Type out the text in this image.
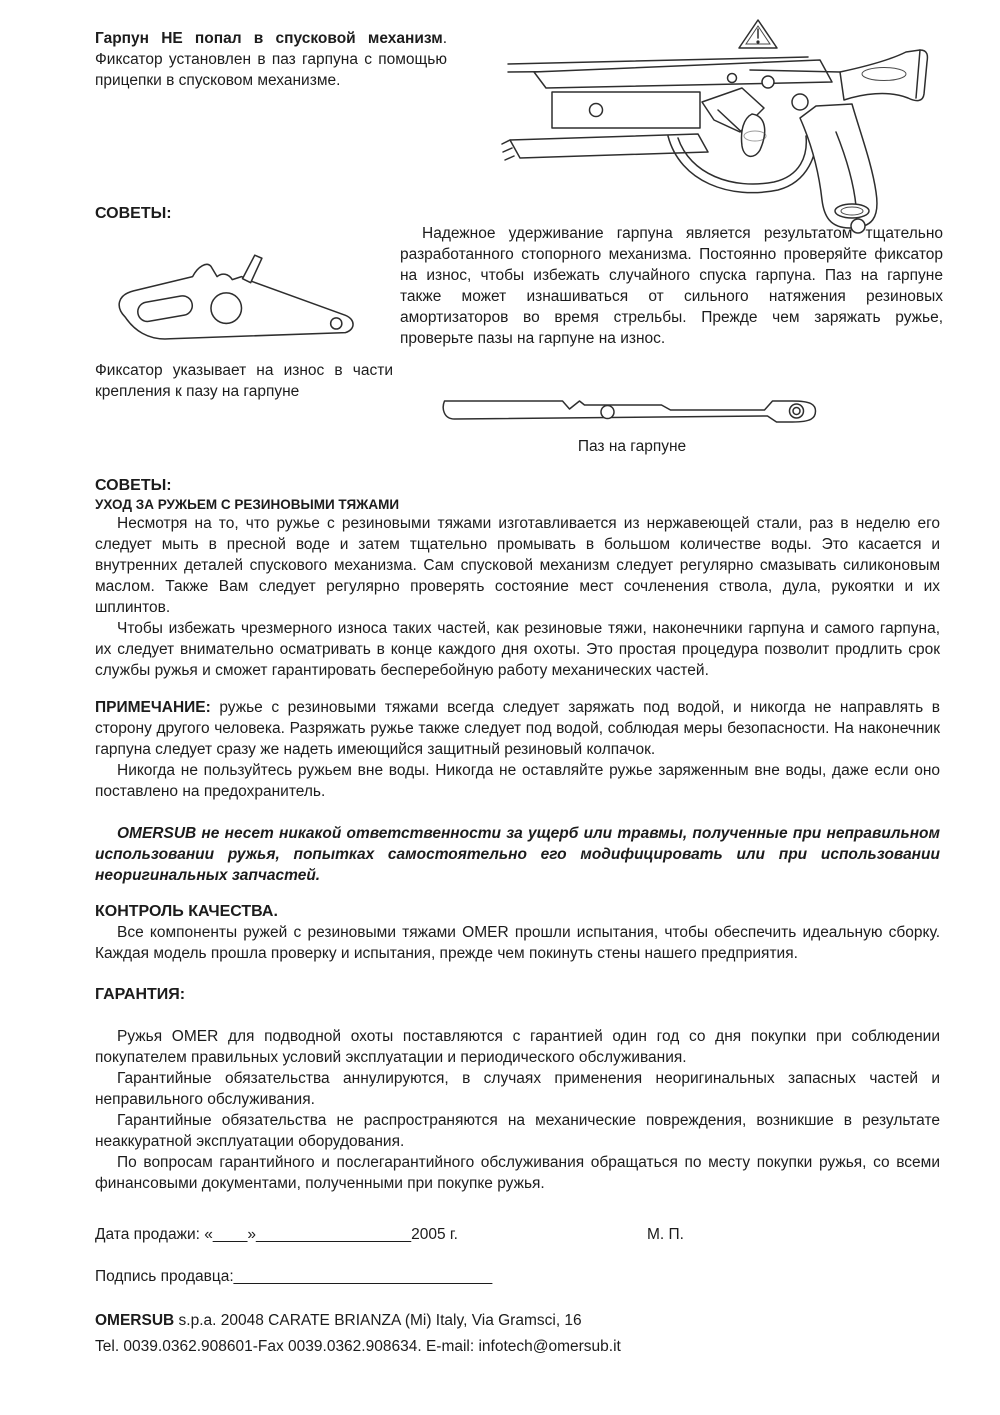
Гарпун НЕ попал в спусковой механизм. Фиксатор установлен в паз гарпуна с помощью прицепки в спусковом механизме.

СОВЕТЫ:

Фиксатор указывает на износ в части крепления к пазу на гарпуне

Надежное удерживание гарпуна является результатом тщательно разработанного стопорного механизма. Постоянно проверяйте фиксатор на износ, чтобы избежать случайного спуска гарпуна. Паз на гарпуне также может изнашиваться от сильного натяжения резиновых амортизаторов во время стрельбы. Прежде чем заряжать ружье, проверьте пазы на гарпуне на износ.

Паз на гарпуне

СОВЕТЫ:
УХОД ЗА РУЖЬЕМ С РЕЗИНОВЫМИ ТЯЖАМИ

Несмотря на то, что ружье с резиновыми тяжами изготавливается из нержавеющей стали, раз в неделю его следует мыть в пресной воде и затем тщательно промывать в большом количестве воды. Это касается и внутренних деталей спускового механизма. Сам спусковой механизм следует регулярно смазывать силиконовым маслом. Также Вам следует регулярно проверять состояние мест сочленения ствола, дула, рукоятки и их шплинтов.

Чтобы избежать чрезмерного износа таких частей, как резиновые тяжи, наконечники гарпуна и самого гарпуна, их следует внимательно осматривать в конце каждого дня охоты. Это простая процедура позволит продлить срок службы ружья и сможет гарантировать бесперебойную работу механических частей.

ПРИМЕЧАНИЕ: ружье с резиновыми тяжами всегда следует заряжать под водой, и никогда не направлять в сторону другого человека. Разряжать ружье также следует под водой, соблюдая меры безопасности. На наконечник гарпуна следует сразу же надеть имеющийся защитный резиновый колпачок.

Никогда не пользуйтесь ружьем вне воды. Никогда не оставляйте ружье заряженным вне воды, даже если оно поставлено на предохранитель.

OMERSUB не несет никакой ответственности за ущерб или травмы, полученные при неправильном использовании ружья, попытках самостоятельно его модифицировать или при использовании неоригинальных запчастей.

КОНТРОЛЬ КАЧЕСТВА.

Все компоненты ружей с резиновыми тяжами OMER прошли испытания, чтобы обеспечить идеальную сборку. Каждая модель прошла проверку и испытания, прежде чем покинуть стены нашего предприятия.

ГАРАНТИЯ:

Ружья OMER для подводной охоты поставляются с гарантией один год со дня покупки при соблюдении покупателем правильных условий эксплуатации и периодического обслуживания.

Гарантийные обязательства аннулируются, в случаях применения неоригинальных запасных частей и неправильного обслуживания.

Гарантийные обязательства не распространяются на механические повреждения, возникшие в результате неаккуратной эксплуатации оборудования.

По вопросам гарантийного и послегарантийного обслуживания обращаться по месту покупки ружья, со всеми финансовыми документами, полученными при покупке ружья.

Дата продажи: «____»__________________2005 г.	М. П.

Подпись продавца:______________________________

OMERSUB s.p.a. 20048 CARATE BRIANZA (Mi) Italy, Via Gramsci, 16

Tel. 0039.0362.908601-Fax 0039.0362.908634. E-mail: infotech@omersub.it
